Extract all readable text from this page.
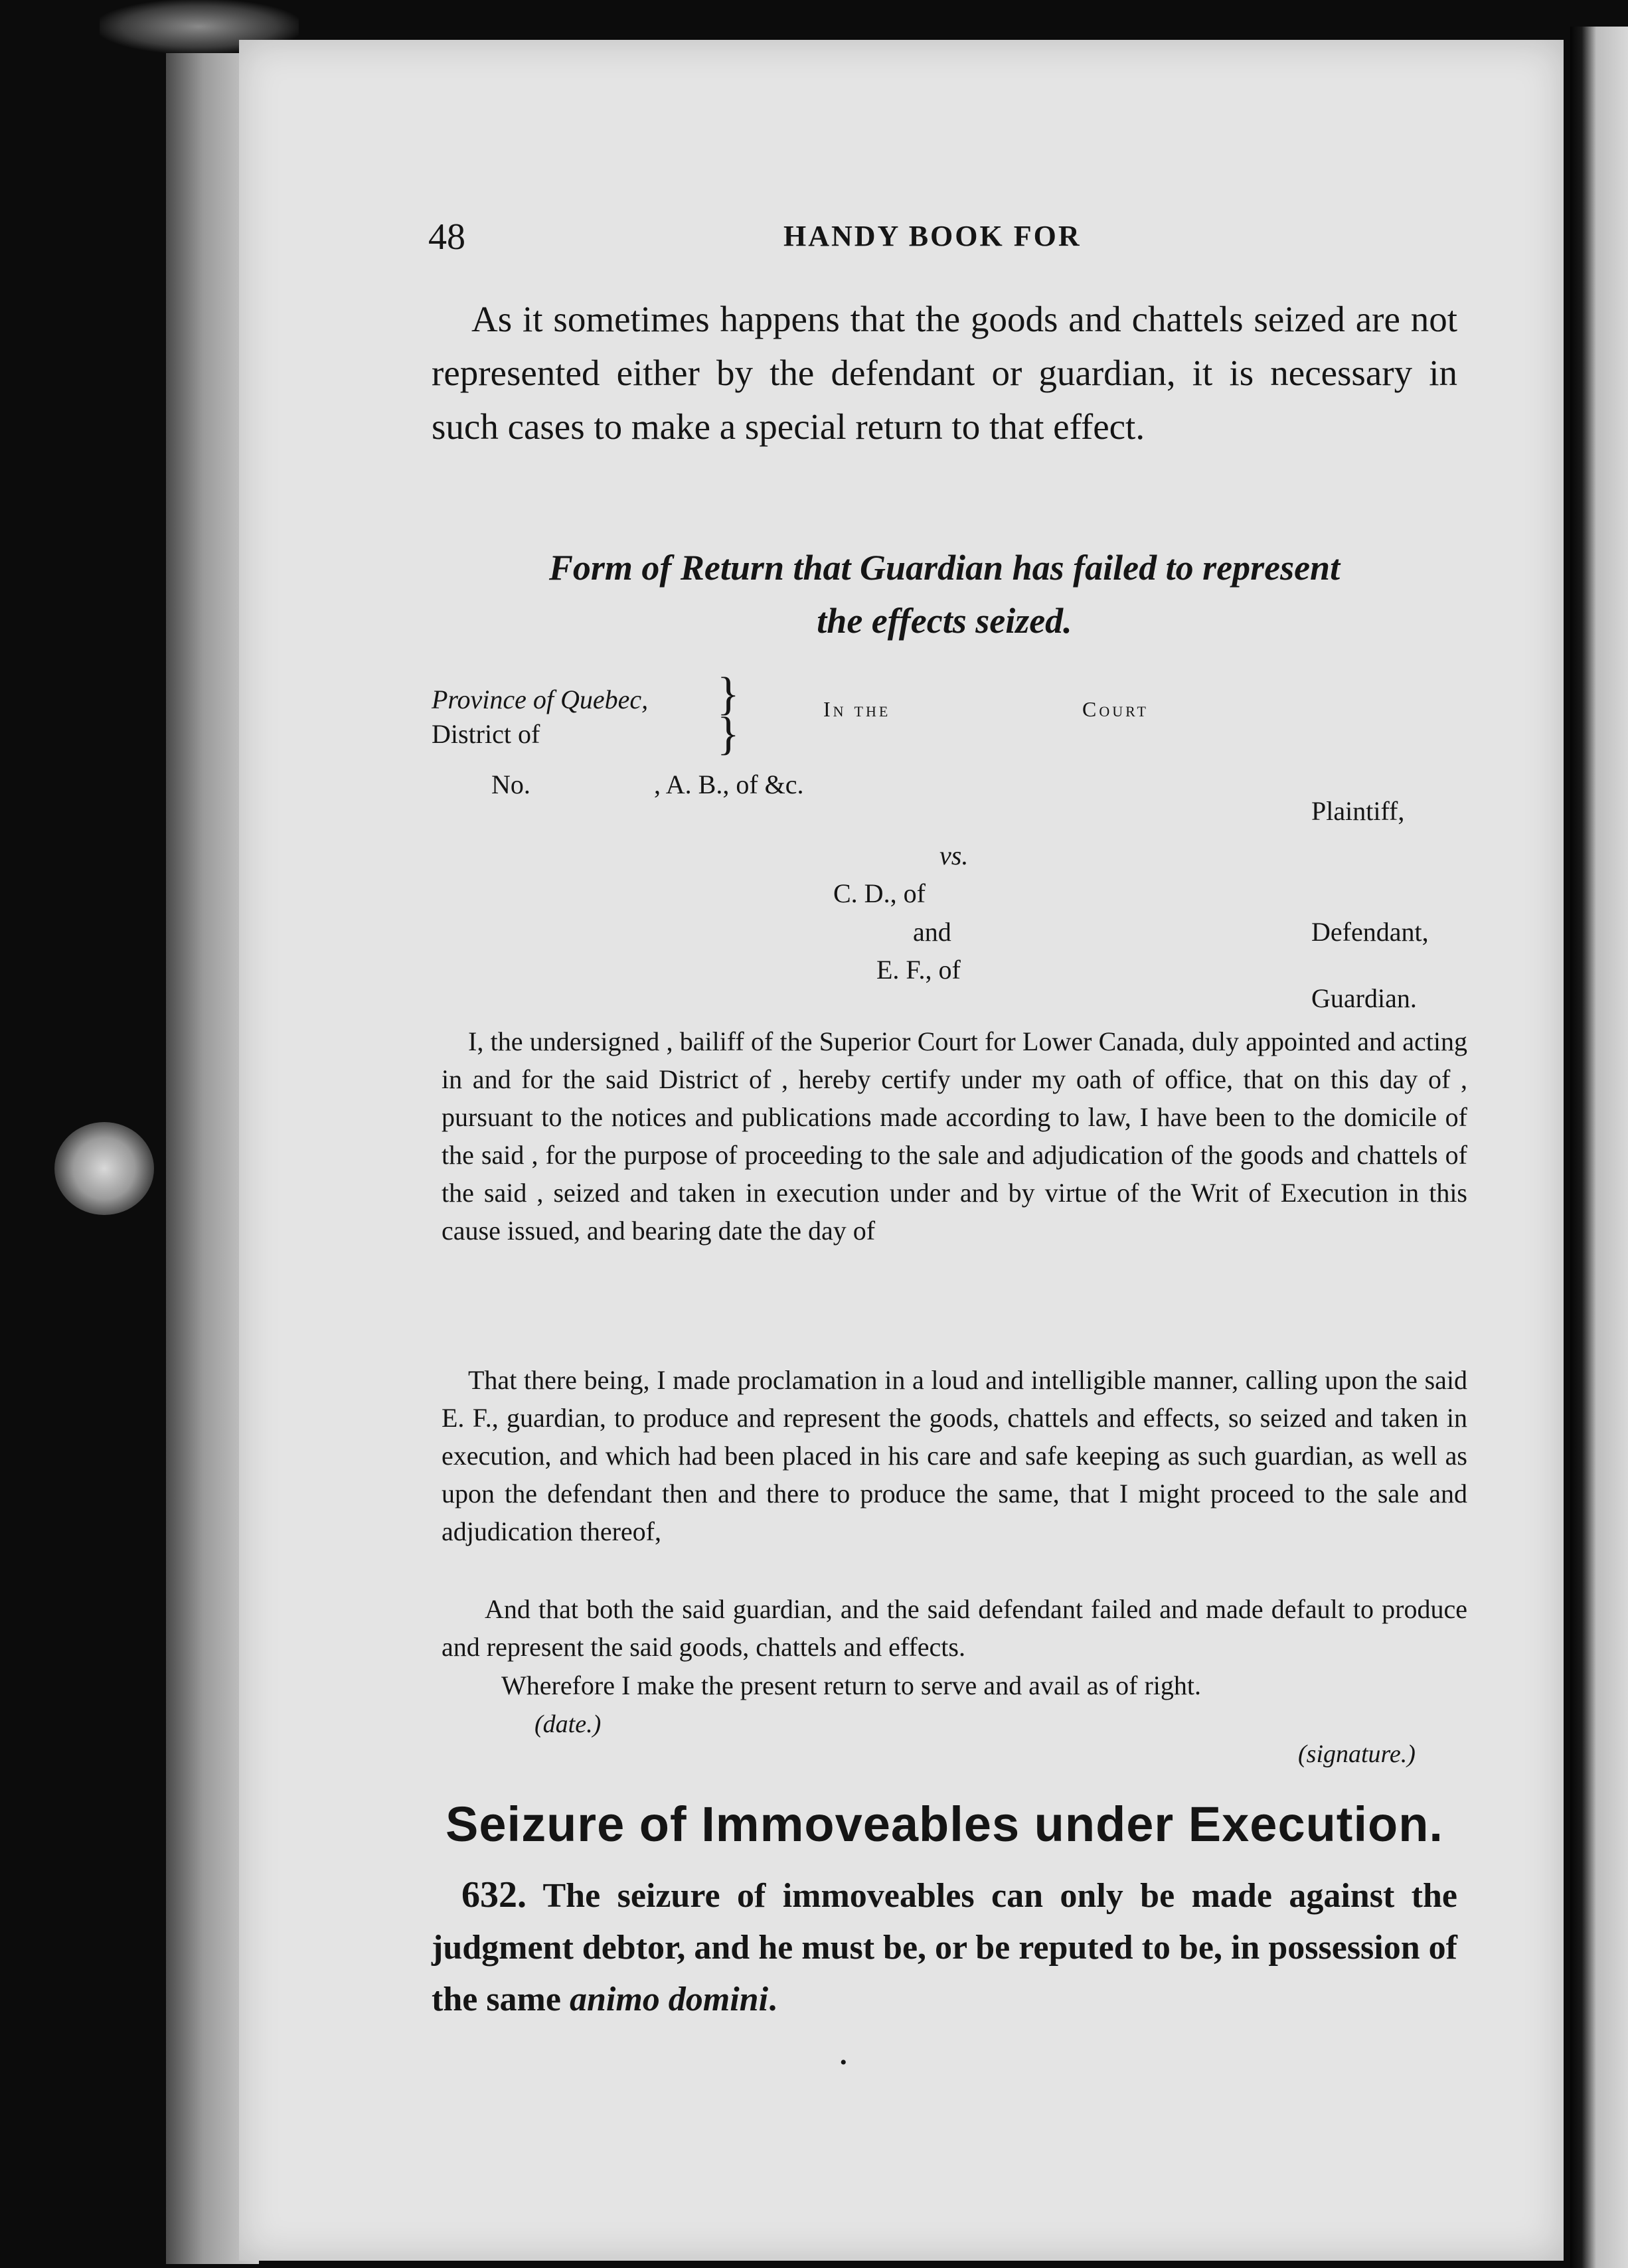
48	HANDY BOOK FOR
As it sometimes happens that the goods and chattels seized are not represented either by the defendant or guardian, it is necessary in such cases to make a special return to that effect.
Form of Return that Guardian has failed to represent
the effects seized.
Province of Quebec,
District of
}
}	In the	Court
No.	, A. B., of &c.
Plaintiff,
vs.
C. D., of
and	Defendant,
E. F., of
Guardian.
I, the undersigned , bailiff of the Superior Court for Lower Canada, duly appointed and acting in and for the said District of , hereby certify under my oath of office, that on this day of , pursuant to the notices and publications made according to law, I have been to the domicile of the said , for the purpose of proceeding to the sale and adjudication of the goods and chattels of the said , seized and taken in execution under and by virtue of the Writ of Execution in this cause issued, and bearing date the day of
That there being, I made proclamation in a loud and intelligible manner, calling upon the said E. F., guardian, to produce and represent the goods, chattels and effects, so seized and taken in execution, and which had been placed in his care and safe keeping as such guardian, as well as upon the defendant then and there to produce the same, that I might proceed to the sale and adjudication thereof,
And that both the said guardian, and the said defendant failed and made default to produce and represent the said goods, chattels and effects.
Wherefore I make the present return to serve and avail as of right.
(date.)
(signature.)
Seizure of Immoveables under Execution.
632. The seizure of immoveables can only be made against the judgment debtor, and he must be, or be reputed to be, in possession of the same animo domini.
•
